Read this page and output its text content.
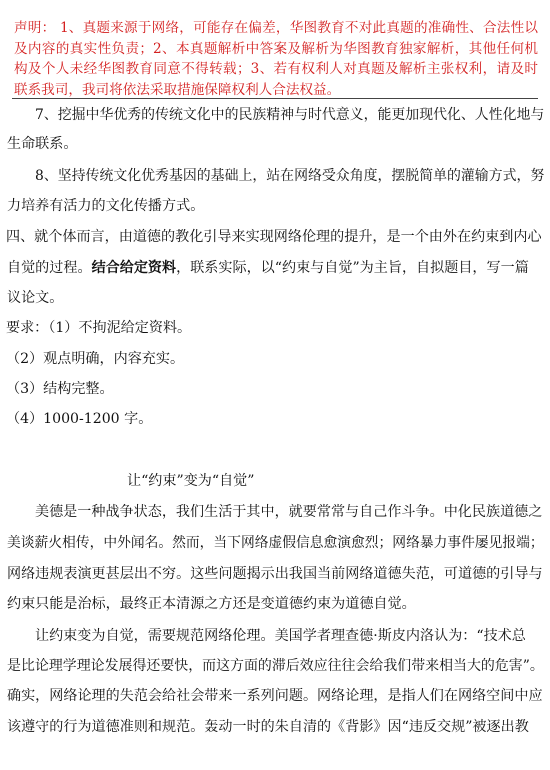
声明： 1、真题来源于网络，可能存在偏差，华图教育不对此真题的准确性、合法性以及内容的真实性负责；2、本真题解析中答案及解析为华图教育独家解析，其他任何机构及个人未经华图教育同意不得转载；3、若有权利人对真题及解析主张权利，请及时联系我司，我司将依法采取措施保障权利人合法权益。
7、挖掘中华优秀的传统文化中的民族精神与时代意义，能更加现代化、人性化地与
生命联系。
8、坚持传统文化优秀基因的基础上，站在网络受众角度，摆脱简单的灌输方式，努
力培养有活力的文化传播方式。
四、就个体而言，由道德的教化引导来实现网络伦理的提升，是一个由外在约束到内心
自觉的过程。结合给定资料，联系实际，以“约束与自觉”为主旨，自拟题目，写一篇
议论文。
要求：（1）不拘泥给定资料。
（2）观点明确，内容充实。
（3）结构完整。
（4）1000-1200 字。
让“约束”变为“自觉”
美德是一种战争状态，我们生活于其中，就要常常与自己作斗争。中化民族道德之
美谈薪火相传，中外闻名。然而，当下网络虚假信息愈演愈烈；网络暴力事件屡见报端；
网络违规表演更甚层出不穷。这些问题揭示出我国当前网络道德失范，可道德的引导与
约束只能是治标，最终正本清源之方还是变道德约束为道德自觉。
让约束变为自觉，需要规范网络伦理。美国学者理查德·斯皮内洛认为：“技术总
是比论理学理论发展得还要快，而这方面的滞后效应往往会给我们带来相当大的危害”。
确实，网络论理的失范会给社会带来一系列问题。网络论理，是指人们在网络空间中应
该遵守的行为道德准则和规范。轰动一时的朱自清的《背影》因“违反交规”被逐出教
